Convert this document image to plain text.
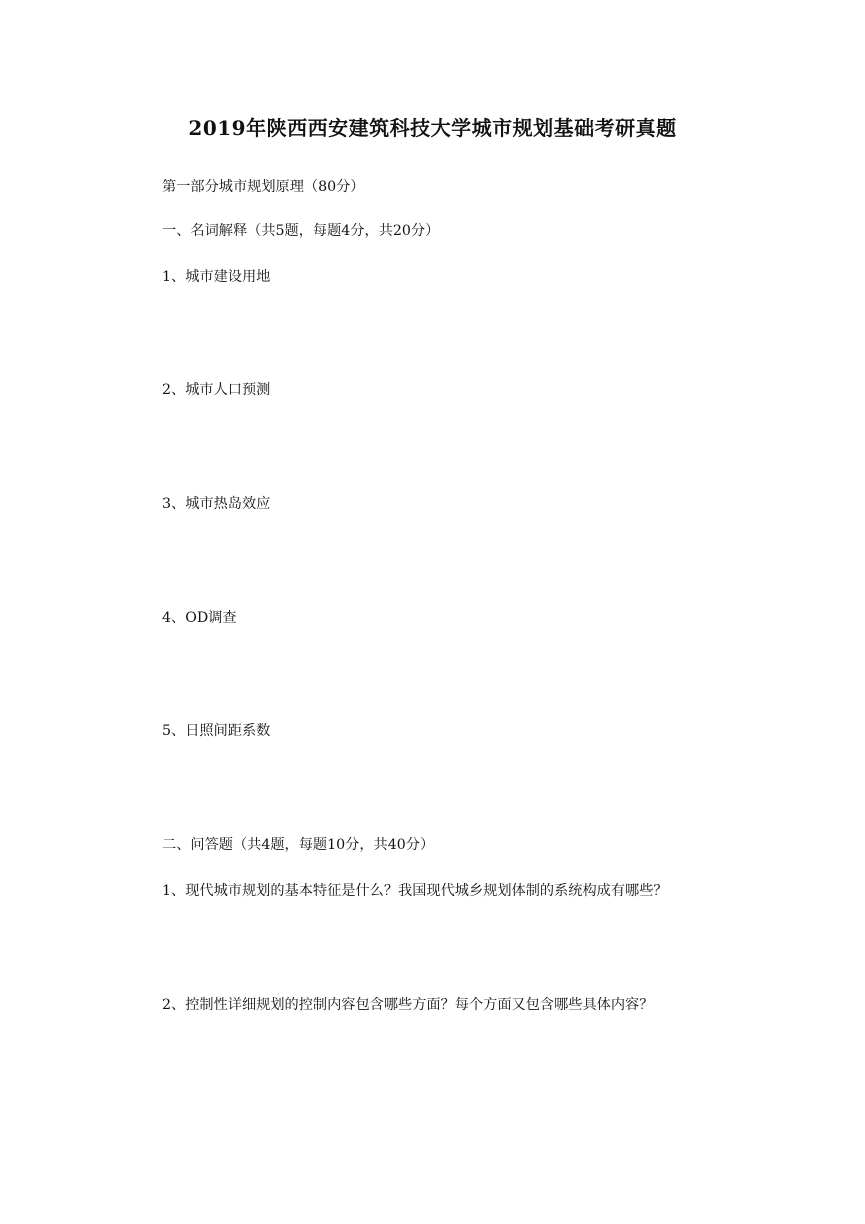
2019年陕西西安建筑科技大学城市规划基础考研真题
第一部分城市规划原理（80分）
一、名词解释（共5题，每题4分，共20分）
1、城市建设用地
2、城市人口预测
3、城市热岛效应
4、OD调查
5、日照间距系数
二、问答题（共4题，每题10分，共40分）
1、现代城市规划的基本特征是什么？我国现代城乡规划体制的系统构成有哪些？
2、控制性详细规划的控制内容包含哪些方面？每个方面又包含哪些具体内容？
